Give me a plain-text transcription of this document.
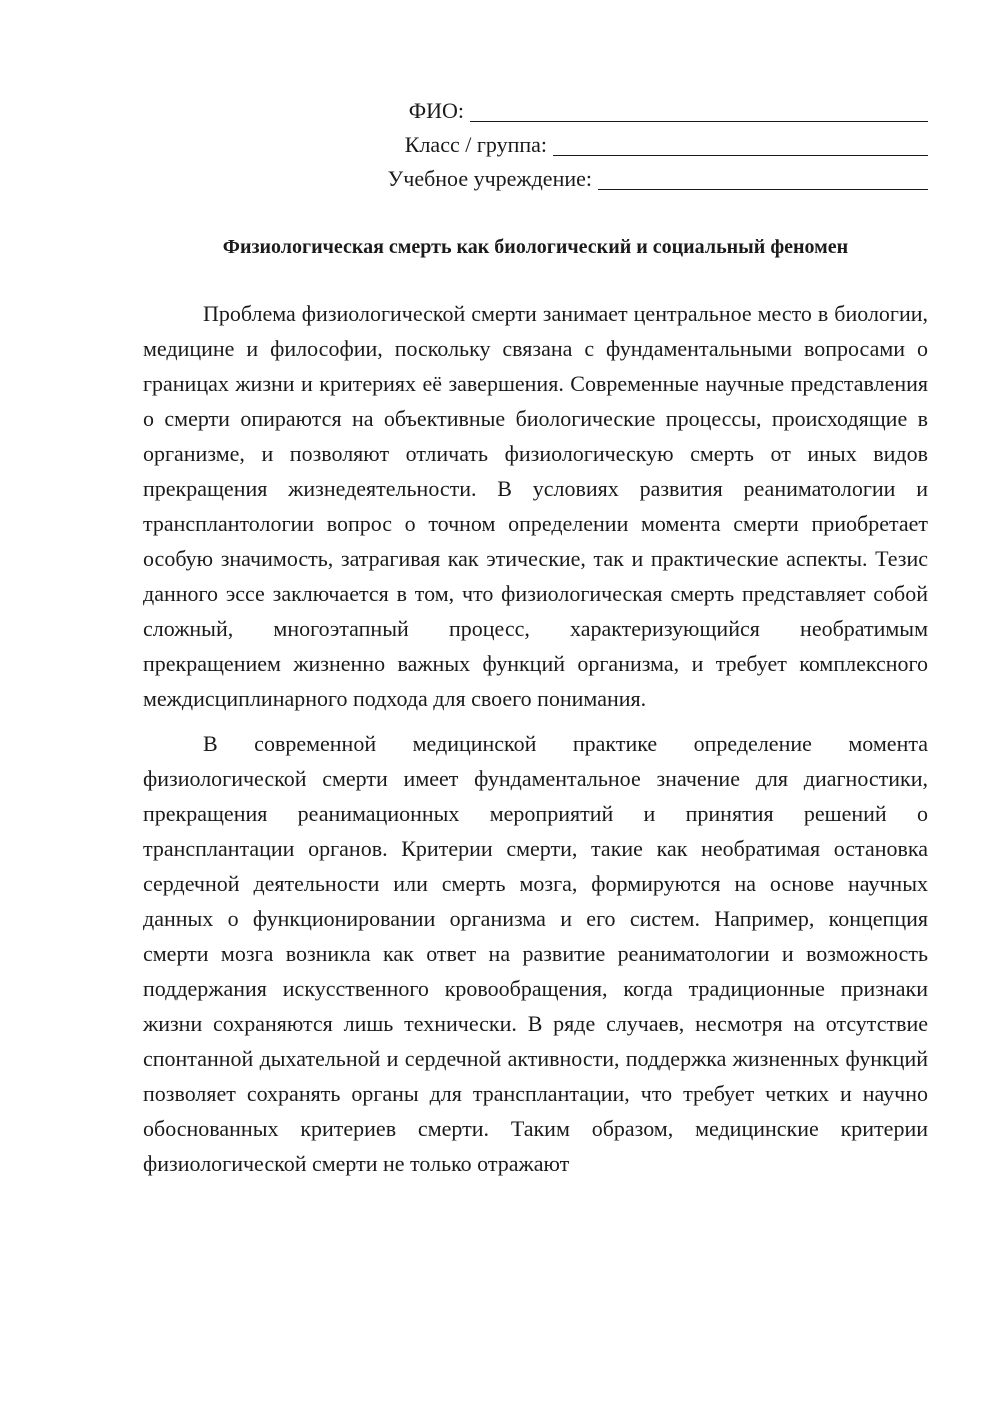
ФИО:
Класс / группа:
Учебное учреждение:
Физиологическая смерть как биологический и социальный феномен

Проблема физиологической смерти занимает центральное место в биологии, медицине и философии, поскольку связана с фундаментальными вопросами о границах жизни и критериях её завершения. Современные научные представления о смерти опираются на объективные биологические процессы, происходящие в организме, и позволяют отличать физиологическую смерть от иных видов прекращения жизнедеятельности. В условиях развития реаниматологии и трансплантологии вопрос о точном определении момента смерти приобретает особую значимость, затрагивая как этические, так и практические аспекты. Тезис данного эссе заключается в том, что физиологическая смерть представляет собой сложный, многоэтапный процесс, характеризующийся необратимым прекращением жизненно важных функций организма, и требует комплексного междисциплинарного подхода для своего понимания.

В современной медицинской практике определение момента физиологической смерти имеет фундаментальное значение для диагностики, прекращения реанимационных мероприятий и принятия решений о трансплантации органов. Критерии смерти, такие как необратимая остановка сердечной деятельности или смерть мозга, формируются на основе научных данных о функционировании организма и его систем. Например, концепция смерти мозга возникла как ответ на развитие реаниматологии и возможность поддержания искусственного кровообращения, когда традиционные признаки жизни сохраняются лишь технически. В ряде случаев, несмотря на отсутствие спонтанной дыхательной и сердечной активности, поддержка жизненных функций позволяет сохранять органы для трансплантации, что требует четких и научно обоснованных критериев смерти. Таким образом, медицинские критерии физиологической смерти не только отражают
